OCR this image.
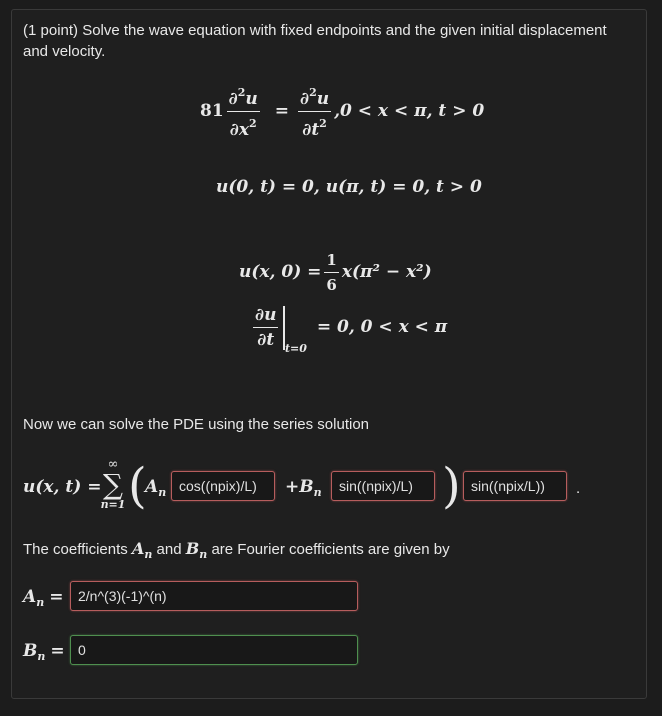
(1 point) Solve the wave equation with fixed endpoints and the given initial displacement and velocity.
$81 \frac{\partial^2u}{\partial x^2} = \frac{\partial^2u}{\partial t^2} ,0 < x < \pi$, t > 0
u(0, t) = 0, u(π, t) = 0, t > 0
u(x, $0) = \frac{1}{6} x(\pi^2 - x^2)$
$\frac{\partial u}{\partial t} _{t=0} = 0$, 0 < x < π
Now we can solve the PDE using the series solution
u(x, t) =
∞
∑
n=1 (
$A_n$ cos((npix)/L)	$+B_n$	sin((npix)/L) ) sin((npix/L))	.
The coefficients $A_n$ and $B_n$ are Fourier coefficients are given by
$A_n$ =	2/n^(3)(-1)^(n)
$B_n = 0$
